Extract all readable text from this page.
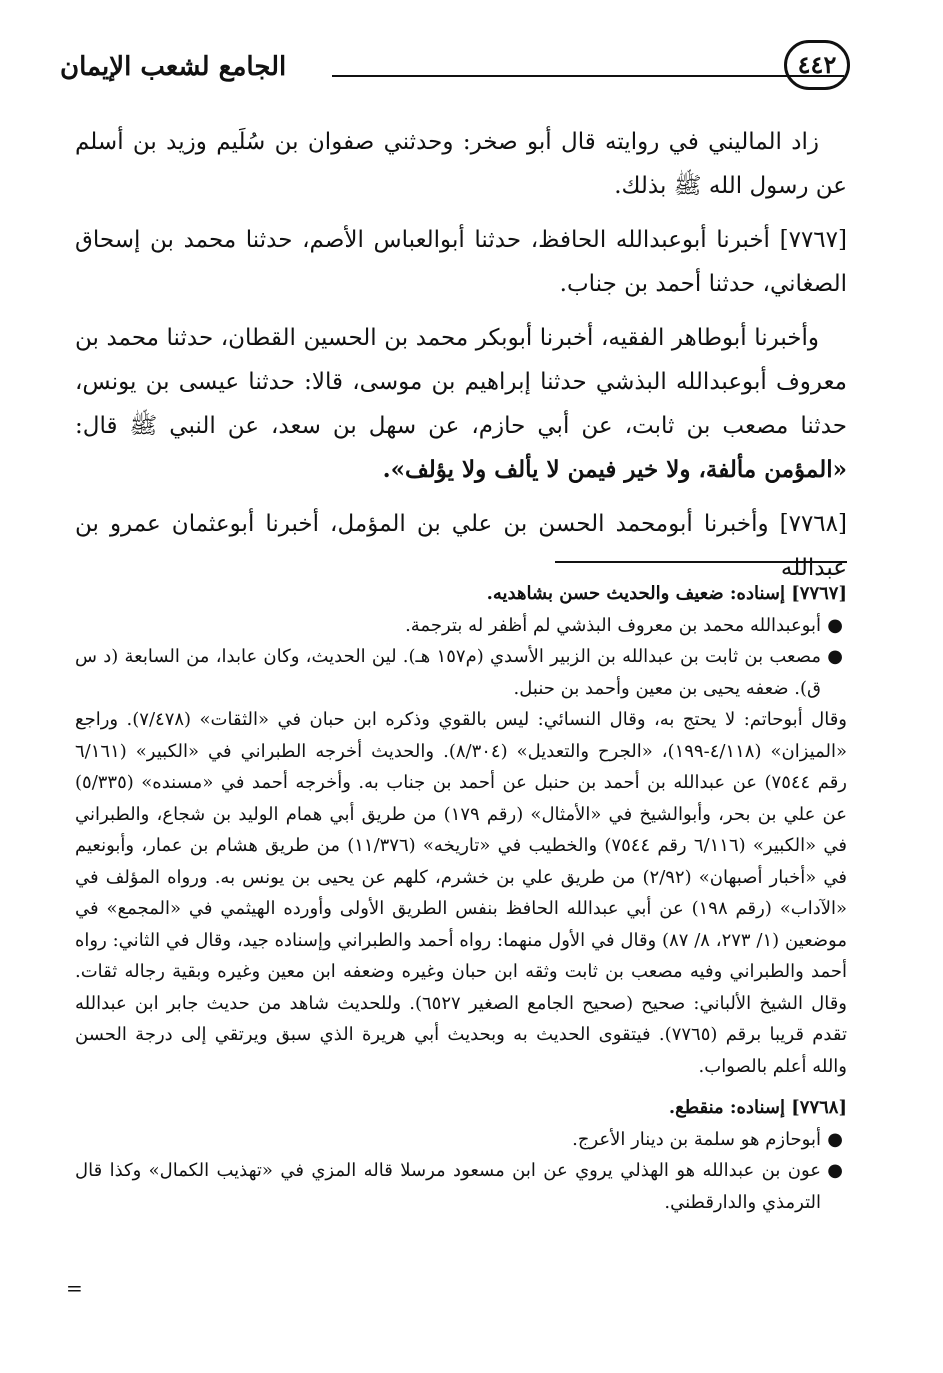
الجامع لشعب الإيمان	٤٤٢

زاد الماليني في روايته قال أبو صخر: وحدثني صفوان بن سُلَيم وزيد بن أسلم عن رسول الله ﷺ بذلك.

[٧٧٦٧] أخبرنا أبوعبدالله الحافظ، حدثنا أبوالعباس الأصم، حدثنا محمد بن إسحاق الصغاني، حدثنا أحمد بن جناب.

وأخبرنا أبوطاهر الفقيه، أخبرنا أبوبكر محمد بن الحسين القطان، حدثنا محمد بن معروف أبوعبدالله البذشي حدثنا إبراهيم بن موسى، قالا: حدثنا عيسى بن يونس، حدثنا مصعب بن ثابت، عن أبي حازم، عن سهل بن سعد، عن النبي ﷺ قال: «المؤمن مألفة، ولا خير فيمن لا يألف ولا يؤلف».

[٧٧٦٨] وأخبرنا أبومحمد الحسن بن علي بن المؤمل، أخبرنا أبوعثمان عمرو بن عبدالله

[٧٧٦٧] إسناده: ضعيف والحديث حسن بشاهديه.

●أبوعبدالله محمد بن معروف البذشي لم أظفر له بترجمة.

●مصعب بن ثابت بن عبدالله بن الزبير الأسدي (م١٥٧ هـ). لين الحديث، وكان عابدا، من السابعة (د س ق). ضعفه يحيى بن معين وأحمد بن حنبل.

وقال أبوحاتم: لا يحتج به، وقال النسائي: ليس بالقوي وذكره ابن حبان في «الثقات» (٧/٤٧٨). وراجع «الميزان» (٤/١١٨-١٩٩)، «الجرح والتعديل» (٨/٣٠٤). والحديث أخرجه الطبراني في «الكبير» (٦/١٦١ رقم ٧٥٤٤) عن عبدالله بن أحمد بن حنبل عن أحمد بن جناب به. وأخرجه أحمد في «مسنده» (٥/٣٣٥) عن علي بن بحر، وأبوالشيخ في «الأمثال» (رقم ١٧٩) من طريق أبي همام الوليد بن شجاع، والطبراني في «الكبير» (٦/١١٦ رقم ٧٥٤٤) والخطيب في «تاريخه» (١١/٣٧٦) من طريق هشام بن عمار، وأبونعيم في «أخبار أصبهان» (٢/٩٢) من طريق علي بن خشرم، كلهم عن يحيى بن يونس به. ورواه المؤلف في «الآداب» (رقم ١٩٨) عن أبي عبدالله الحافظ بنفس الطريق الأولى وأورده الهيثمي في «المجمع» في موضعين (١/ ٢٧٣، ٨/ ٨٧) وقال في الأول منهما: رواه أحمد والطبراني وإسناده جيد، وقال في الثاني: رواه أحمد والطبراني وفيه مصعب بن ثابت وثقه ابن حبان وغيره وضعفه ابن معين وغيره وبقية رجاله ثقات. وقال الشيخ الألباني: صحيح (صحيح الجامع الصغير ٦٥٢٧). وللحديث شاهد من حديث جابر ابن عبدالله تقدم قريبا برقم (٧٧٦٥). فيتقوى الحديث به وبحديث أبي هريرة الذي سبق ويرتقي إلى درجة الحسن والله أعلم بالصواب.

[٧٧٦٨] إسناده: منقطع.

●أبوحازم هو سلمة بن دينار الأعرج.

●عون بن عبدالله هو الهذلي يروي عن ابن مسعود مرسلا قاله المزي في «تهذيب الكمال» وكذا قال الترمذي والدارقطني.

=
